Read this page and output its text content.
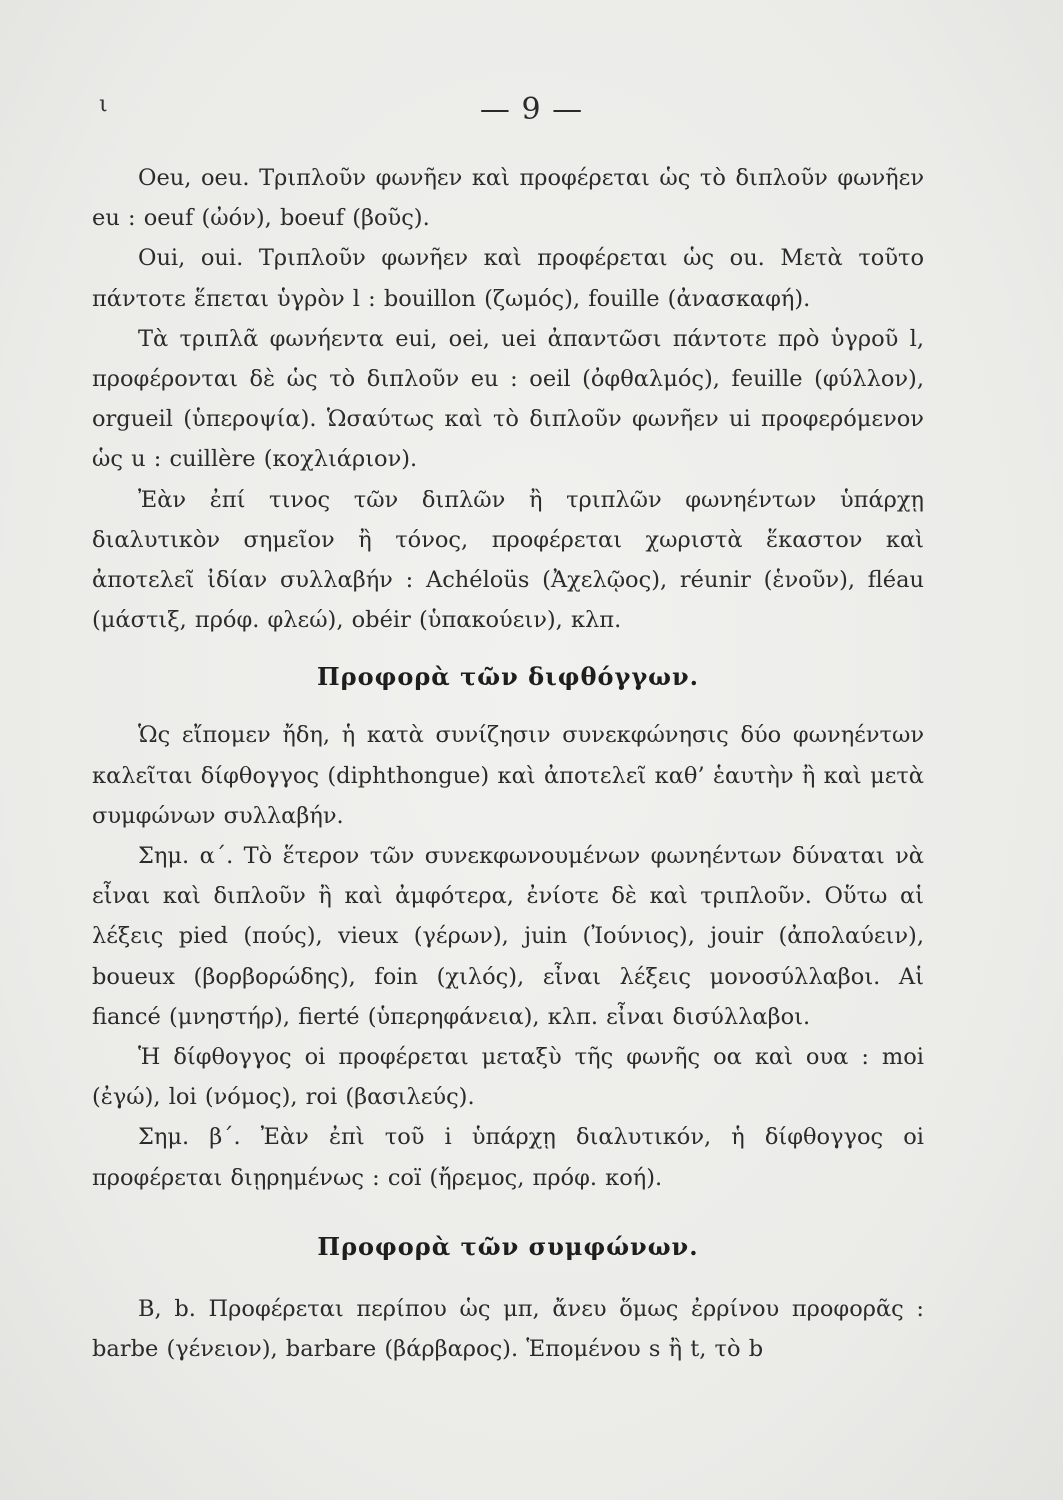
ι	— 9 —

Oeu, oeu. Τριπλοῦν φωνῆεν καὶ προφέρεται ὡς τὸ διπλοῦν φωνῆεν eu : oeuf (ὠόν), boeuf (βοῦς).

Oui, oui. Τριπλοῦν φωνῆεν καὶ προφέρεται ὡς ou. Μετὰ τοῦτο πάντοτε ἕπεται ὑγρὸν l : bouillon (ζωμός), fouille (ἀνασκαφή).

Τὰ τριπλᾶ φωνήεντα eui, oei, uei ἀπαντῶσι πάντοτε πρὸ ὑγροῦ l, προφέρονται δὲ ὡς τὸ διπλοῦν eu : oeil (ὀφθαλμός), feuille (φύλλον), orgueil (ὑπεροψία). Ὡσαύτως καὶ τὸ διπλοῦν φωνῆεν ui προφερόμενον ὡς u : cuillère (κοχλιάριον).

Ἐὰν ἐπί τινος τῶν διπλῶν ἢ τριπλῶν φωνηέντων ὑπάρχῃ διαλυτικὸν σημεῖον ἢ τόνος, προφέρεται χωριστὰ ἕκαστον καὶ ἀποτελεῖ ἰδίαν συλλαβήν : Achéloüs (Ἀχελῷος), réunir (ἑνοῦν), fléau (μάστιξ, πρόφ. φλεώ), obéir (ὑπακούειν), κλπ.

Προφορὰ τῶν διφθόγγων.

Ὡς εἴπομεν ἤδη, ἡ κατὰ συνίζησιν συνεκφώνησις δύο φωνηέντων καλεῖται δίφθογγος (diphthongue) καὶ ἀποτελεῖ καθ’ ἑαυτὴν ἢ καὶ μετὰ συμφώνων συλλαβήν.

Σημ. α΄. Τὸ ἕτερον τῶν συνεκφωνουμένων φωνηέντων δύναται νὰ εἶναι καὶ διπλοῦν ἢ καὶ ἀμφότερα, ἐνίοτε δὲ καὶ τριπλοῦν. Οὕτω αἱ λέξεις pied (πούς), vieux (γέρων), juin (Ἰούνιος), jouir (ἀπολαύειν), boueux (βορβορώδης), foin (χιλός), εἶναι λέξεις μονοσύλλαβοι. Αἱ fiancé (μνηστήρ), fierté (ὑπερηφάνεια), κλπ. εἶναι δισύλλαβοι.

Ἡ δίφθογγος oi προφέρεται μεταξὺ τῆς φωνῆς οα καὶ ουα : moi (ἐγώ), loi (νόμος), roi (βασιλεύς).

Σημ. β΄. Ἐὰν ἐπὶ τοῦ i ὑπάρχῃ διαλυτικόν, ἡ δίφθογγος oi προφέρεται διῃρημένως : coï (ἤρεμος, πρόφ. κοή).

Προφορὰ τῶν συμφώνων.

B, b. Προφέρεται περίπου ὡς μπ, ἄνευ ὅμως ἐρρίνου προφορᾶς : barbe (γένειον), barbare (βάρβαρος). Ἑπομένου s ἢ t, τὸ b
